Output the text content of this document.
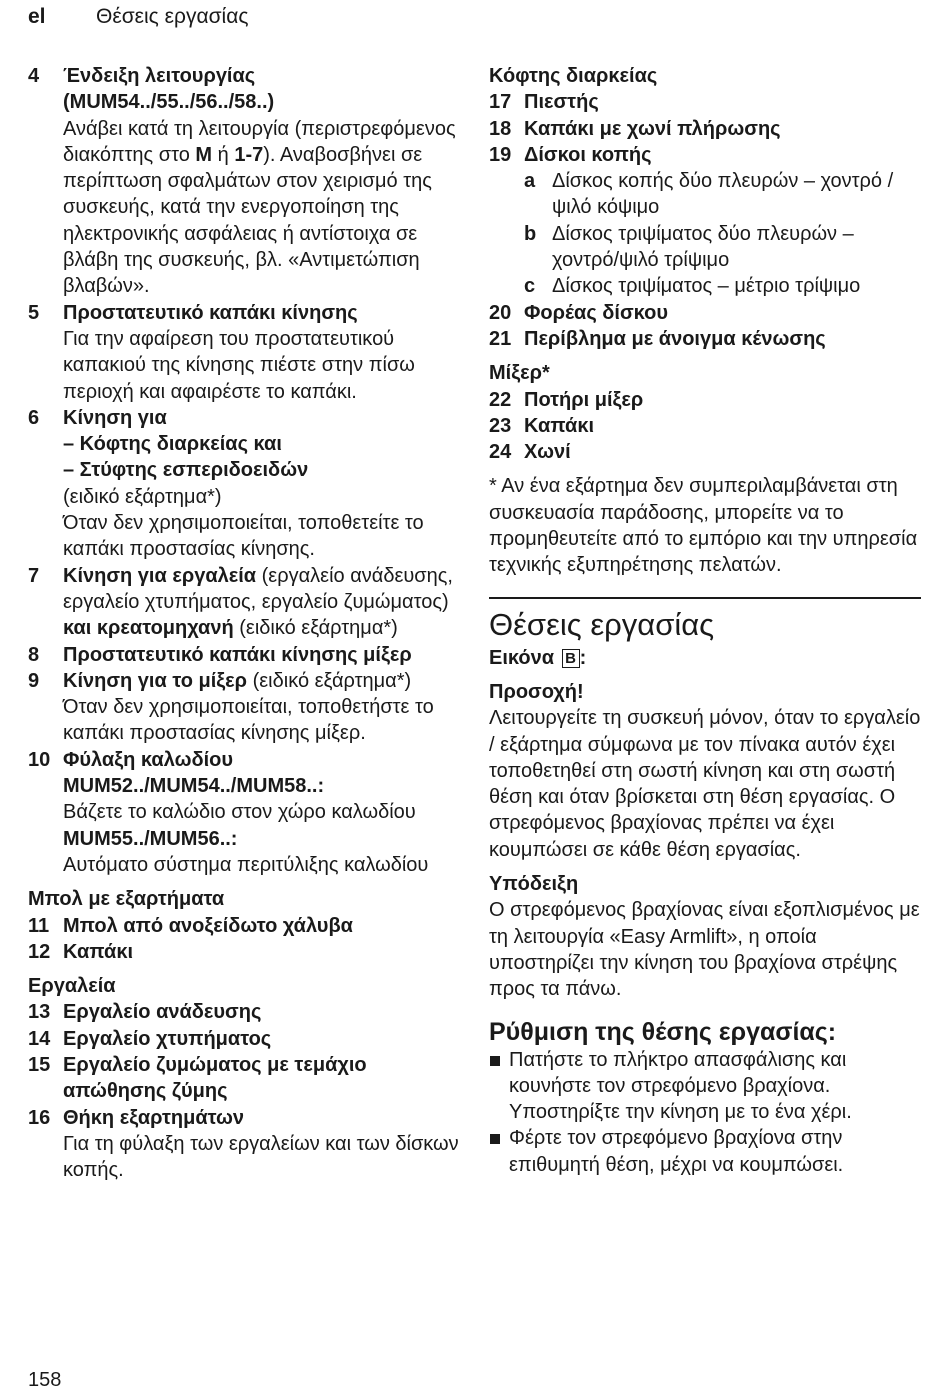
el Θέσεις εργασίας
4 Ένδειξη λειτουργίας (MUM54../55../56../58..)
Ανάβει κατά τη λειτουργία (περιστρεφόμενος διακόπτης στο M ή 1-7). Αναβοσβήνει σε περίπτωση σφαλμάτων στον χειρισμό της συσκευής, κατά την ενεργοποίηση της ηλεκτρονικής ασφάλειας ή αντίστοιχα σε βλάβη της συσκευής, βλ. «Αντιμετώπιση βλαβών».
5 Προστατευτικό καπάκι κίνησης
Για την αφαίρεση του προστατευτικού καπακιού της κίνησης πιέστε στην πίσω περιοχή και αφαιρέστε το καπάκι.
6 Κίνηση για
– Κόφτης διαρκείας και
– Στύφτης εσπεριδοειδών
(ειδικό εξάρτημα*)
Όταν δεν χρησιμοποιείται, τοποθετείτε το καπάκι προστασίας κίνησης.
7 Κίνηση για εργαλεία (εργαλείο ανάδευσης, εργαλείο χτυπήματος, εργαλείο ζυμώματος) και κρεατομηχανή (ειδικό εξάρτημα*)
8 Προστατευτικό καπάκι κίνησης μίξερ
9 Κίνηση για το μίξερ (ειδικό εξάρτημα*)
Όταν δεν χρησιμοποιείται, τοποθετήστε το καπάκι προστασίας κίνησης μίξερ.
10 Φύλαξη καλωδίου
MUM52../MUM54../MUM58..:
Βάζετε το καλώδιο στον χώρο καλωδίου
MUM55../MUM56..:
Αυτόματο σύστημα περιτύλιξης καλωδίου
Μπολ με εξαρτήματα
11 Μπολ από ανοξείδωτο χάλυβα
12 Καπάκι
Εργαλεία
13 Εργαλείο ανάδευσης
14 Εργαλείο χτυπήματος
15 Εργαλείο ζυμώματος με τεμάχιο απώθησης ζύμης
16 Θήκη εξαρτημάτων
Για τη φύλαξη των εργαλείων και των δίσκων κοπής.
Κόφτης διαρκείας
17 Πιεστής
18 Καπάκι με χωνί πλήρωσης
19 Δίσκοι κοπής
a Δίσκος κοπής δύο πλευρών – χοντρό / ψιλό κόψιμο
b Δίσκος τριψίματος δύο πλευρών – χοντρό/ψιλό τρίψιμο
c Δίσκος τριψίματος – μέτριο τρίψιμο
20 Φορέας δίσκου
21 Περίβλημα με άνοιγμα κένωσης
Μίξερ*
22 Ποτήρι μίξερ
23 Καπάκι
24 Χωνί
* Αν ένα εξάρτημα δεν συμπεριλαμβάνεται στη συσκευασία παράδοσης, μπορείτε να το προμηθευτείτε από το εμπόριο και την υπηρεσία τεχνικής εξυπηρέτησης πελατών.
Θέσεις εργασίας
Εικόνα B :
Προσοχή!
Λειτουργείτε τη συσκευή μόνον, όταν το εργαλείο / εξάρτημα σύμφωνα με τον πίνακα αυτόν έχει τοποθετηθεί στη σωστή κίνηση και στη σωστή θέση και όταν βρίσκεται στη θέση εργασίας. Ο στρεφόμενος βραχίονας πρέπει να έχει κουμπώσει σε κάθε θέση εργασίας.
Υπόδειξη
Ο στρεφόμενος βραχίονας είναι εξοπλισμένος με τη λειτουργία «Easy Armlift», η οποία υποστηρίζει την κίνηση του βραχίονα στρέψης προς τα πάνω.
Ρύθμιση της θέσης εργασίας:
Πατήστε το πλήκτρο απασφάλισης και κουνήστε τον στρεφόμενο βραχίονα. Υποστηρίξτε την κίνηση με το ένα χέρι.
Φέρτε τον στρεφόμενο βραχίονα στην επιθυμητή θέση, μέχρι να κουμπώσει.
158
